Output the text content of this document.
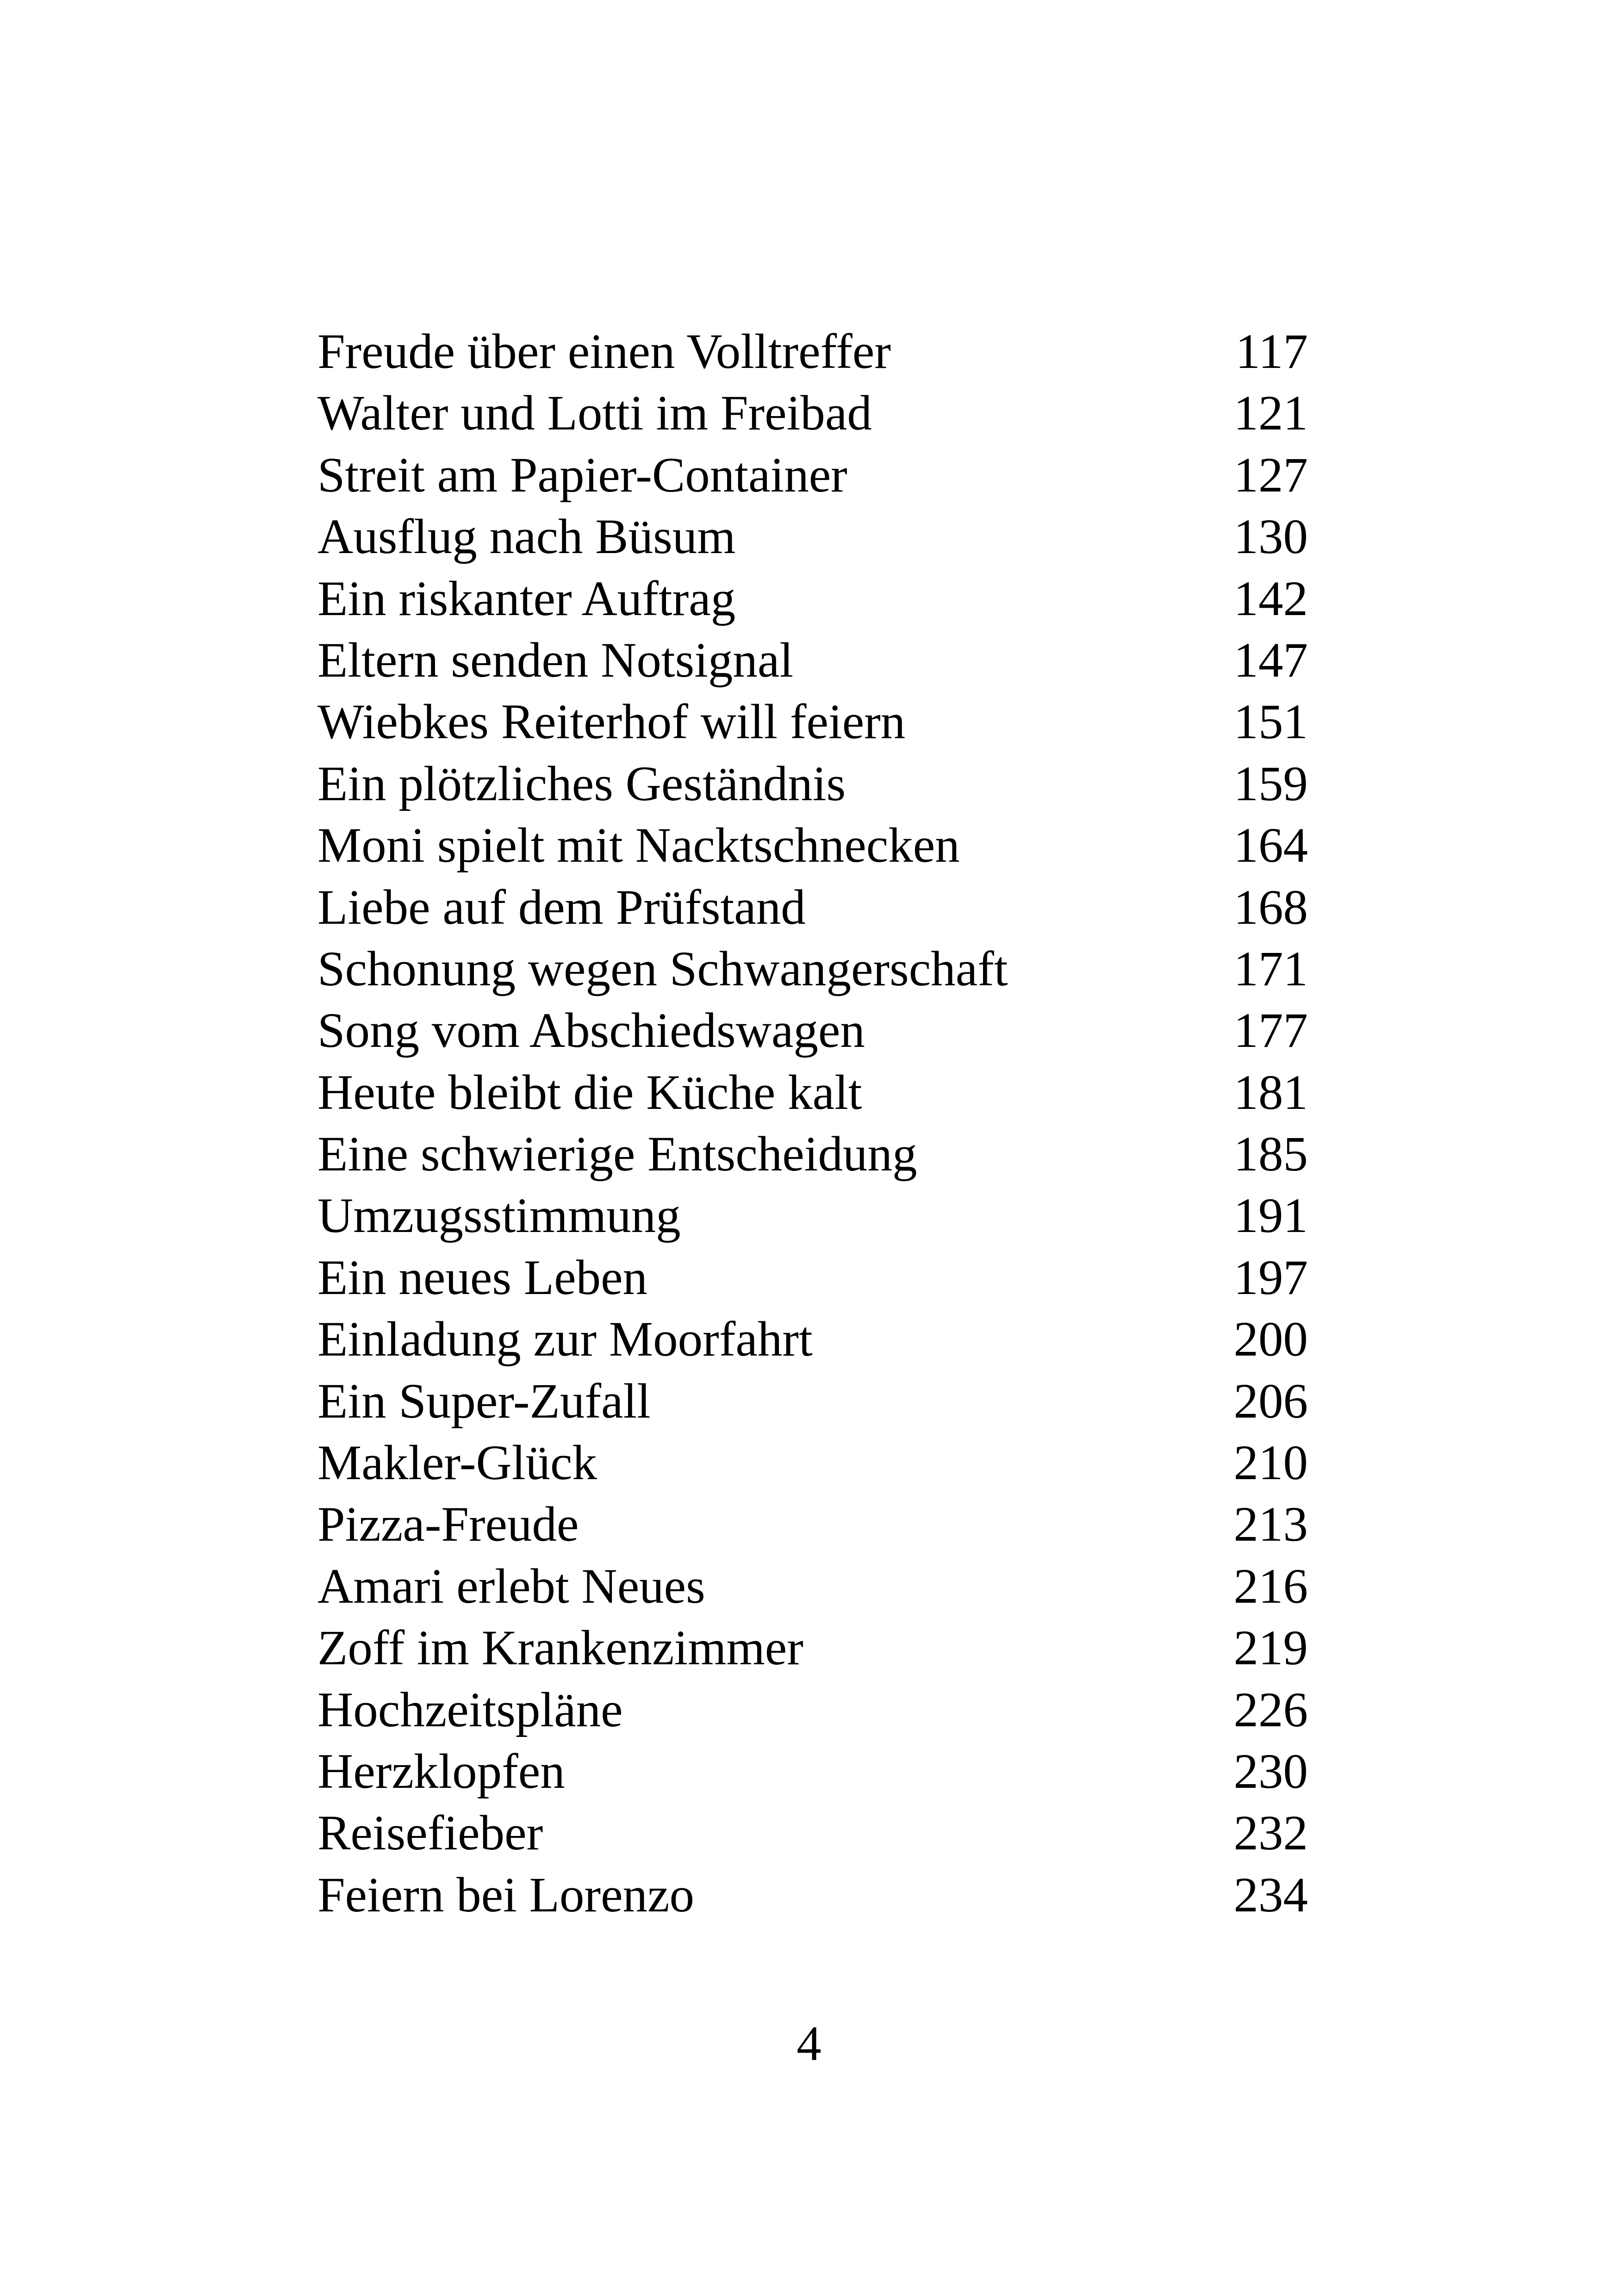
Freude über einen Volltreffer	117
Walter und Lotti im Freibad	121
Streit am Papier-Container	127
Ausflug nach Büsum	130
Ein riskanter Auftrag	142
Eltern senden Notsignal	147
Wiebkes Reiterhof will feiern	151
Ein plötzliches Geständnis	159
Moni spielt mit Nacktschnecken	164
Liebe auf dem Prüfstand	168
Schonung wegen Schwangerschaft	171
Song vom Abschiedswagen	177
Heute bleibt die Küche kalt	181
Eine schwierige Entscheidung	185
Umzugsstimmung	191
Ein neues Leben	197
Einladung zur Moorfahrt	200
Ein Super-Zufall	206
Makler-Glück	210
Pizza-Freude	213
Amari erlebt Neues	216
Zoff im Krankenzimmer	219
Hochzeitspläne	226
Herzklopfen	230
Reisefieber	232
Feiern bei Lorenzo	234
4
